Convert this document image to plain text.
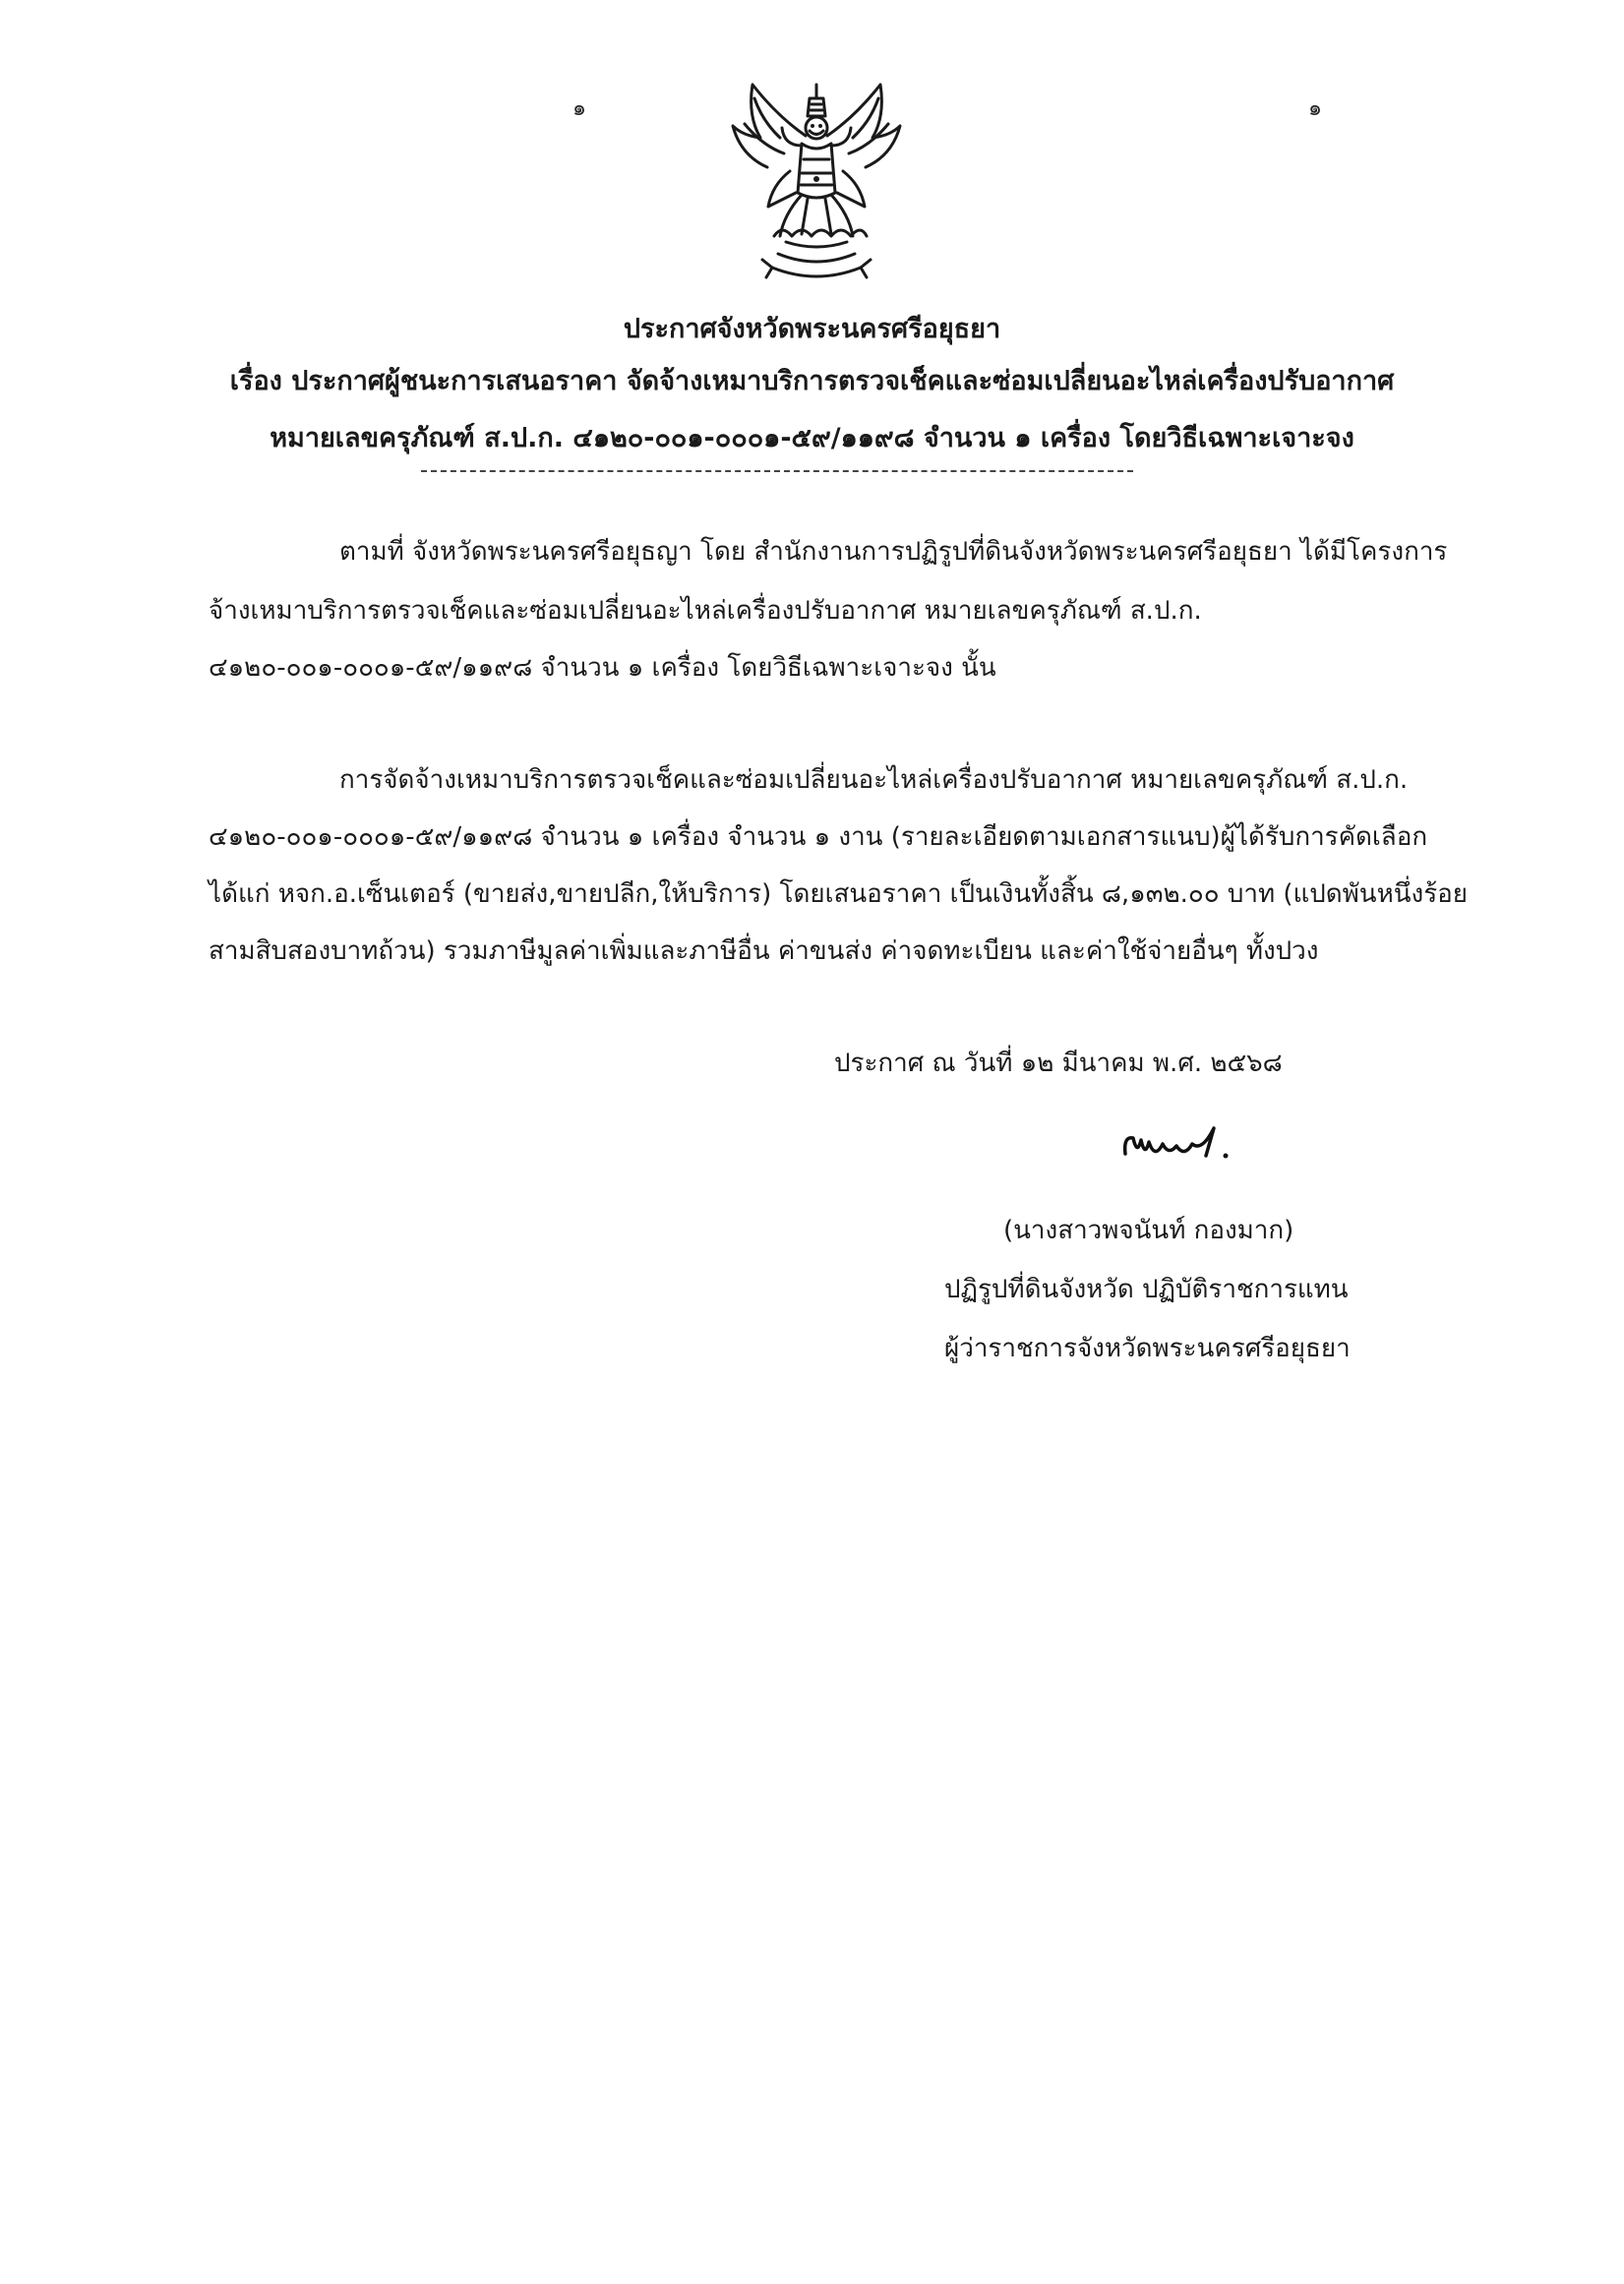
๑	๑
ประกาศจังหวัดพระนครศรีอยุธยา
เรื่อง ประกาศผู้ชนะการเสนอราคา จัดจ้างเหมาบริการตรวจเช็คและซ่อมเปลี่ยนอะไหล่เครื่องปรับอากาศ
หมายเลขครุภัณฑ์ ส.ป.ก. ๔๑๒๐-๐๐๑-๐๐๐๑-๕๙/๑๑๙๘ จำนวน ๑ เครื่อง โดยวิธีเฉพาะเจาะจง
ตามที่ จังหวัดพระนครศรีอยุธญา โดย สำนักงานการปฏิรูปที่ดินจังหวัดพระนครศรีอยุธยา ได้มีโครงการ
จ้างเหมาบริการตรวจเช็คและซ่อมเปลี่ยนอะไหล่เครื่องปรับอากาศ หมายเลขครุภัณฑ์ ส.ป.ก.
๔๑๒๐-๐๐๑-๐๐๐๑-๕๙/๑๑๙๘ จำนวน ๑ เครื่อง โดยวิธีเฉพาะเจาะจง นั้น
การจัดจ้างเหมาบริการตรวจเช็คและซ่อมเปลี่ยนอะไหล่เครื่องปรับอากาศ หมายเลขครุภัณฑ์ ส.ป.ก.
๔๑๒๐-๐๐๑-๐๐๐๑-๕๙/๑๑๙๘ จำนวน ๑ เครื่อง จำนวน ๑ งาน (รายละเอียดตามเอกสารแนบ)ผู้ได้รับการคัดเลือก
ได้แก่ หจก.อ.เซ็นเตอร์ (ขายส่ง,ขายปลีก,ให้บริการ) โดยเสนอราคา เป็นเงินทั้งสิ้น ๘,๑๓๒.๐๐ บาท (แปดพันหนึ่งร้อย
สามสิบสองบาทถ้วน) รวมภาษีมูลค่าเพิ่มและภาษีอื่น ค่าขนส่ง ค่าจดทะเบียน และค่าใช้จ่ายอื่นๆ ทั้งปวง
ประกาศ ณ วันที่ ๑๒ มีนาคม พ.ศ. ๒๕๖๘
(นางสาวพจนันท์ กองมาก)
ปฏิรูปที่ดินจังหวัด ปฏิบัติราชการแทน
ผู้ว่าราชการจังหวัดพระนครศรีอยุธยา
